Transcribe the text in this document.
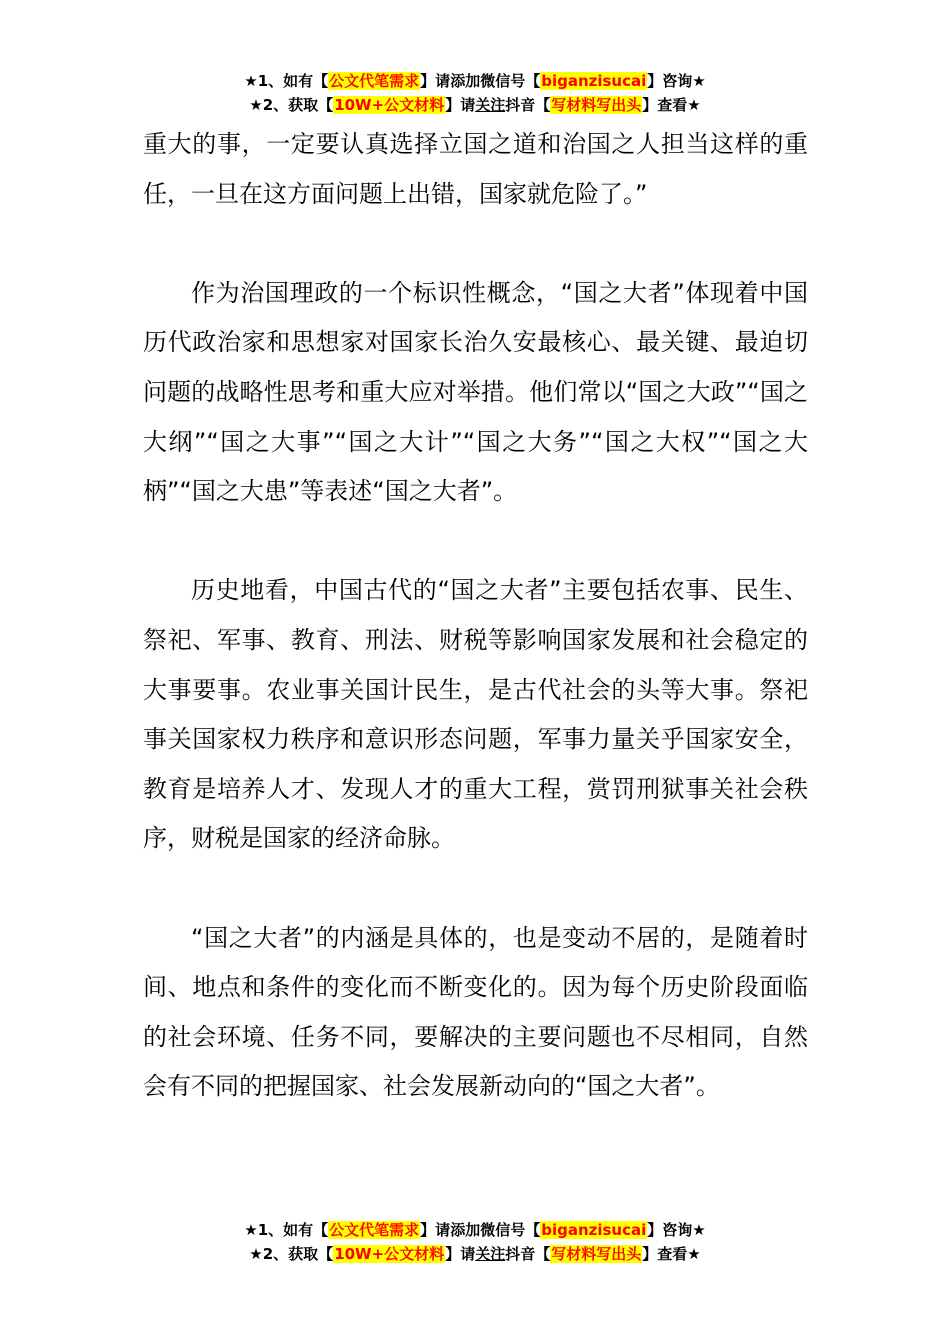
★1、如有【公文代笔需求】请添加微信号【biganzisucai】咨询★
★2、获取【10W+公文材料】请关注抖音【写材料写出头】查看★

重大的事，一定要认真选择立国之道和治国之人担当这样的重任，一旦在这方面问题上出错，国家就危险了。”

作为治国理政的一个标识性概念，“国之大者”体现着中国历代政治家和思想家对国家长治久安最核心、最关键、最迫切问题的战略性思考和重大应对举措。他们常以“国之大政”“国之大纲”“国之大事”“国之大计”“国之大务”“国之大权”“国之大柄”“国之大患”等表述“国之大者”。

历史地看，中国古代的“国之大者”主要包括农事、民生、祭祀、军事、教育、刑法、财税等影响国家发展和社会稳定的大事要事。农业事关国计民生，是古代社会的头等大事。祭祀事关国家权力秩序和意识形态问题，军事力量关乎国家安全，教育是培养人才、发现人才的重大工程，赏罚刑狱事关社会秩序，财税是国家的经济命脉。

“国之大者”的内涵是具体的，也是变动不居的，是随着时间、地点和条件的变化而不断变化的。因为每个历史阶段面临的社会环境、任务不同，要解决的主要问题也不尽相同，自然会有不同的把握国家、社会发展新动向的“国之大者”。

★1、如有【公文代笔需求】请添加微信号【biganzisucai】咨询★
★2、获取【10W+公文材料】请关注抖音【写材料写出头】查看★
